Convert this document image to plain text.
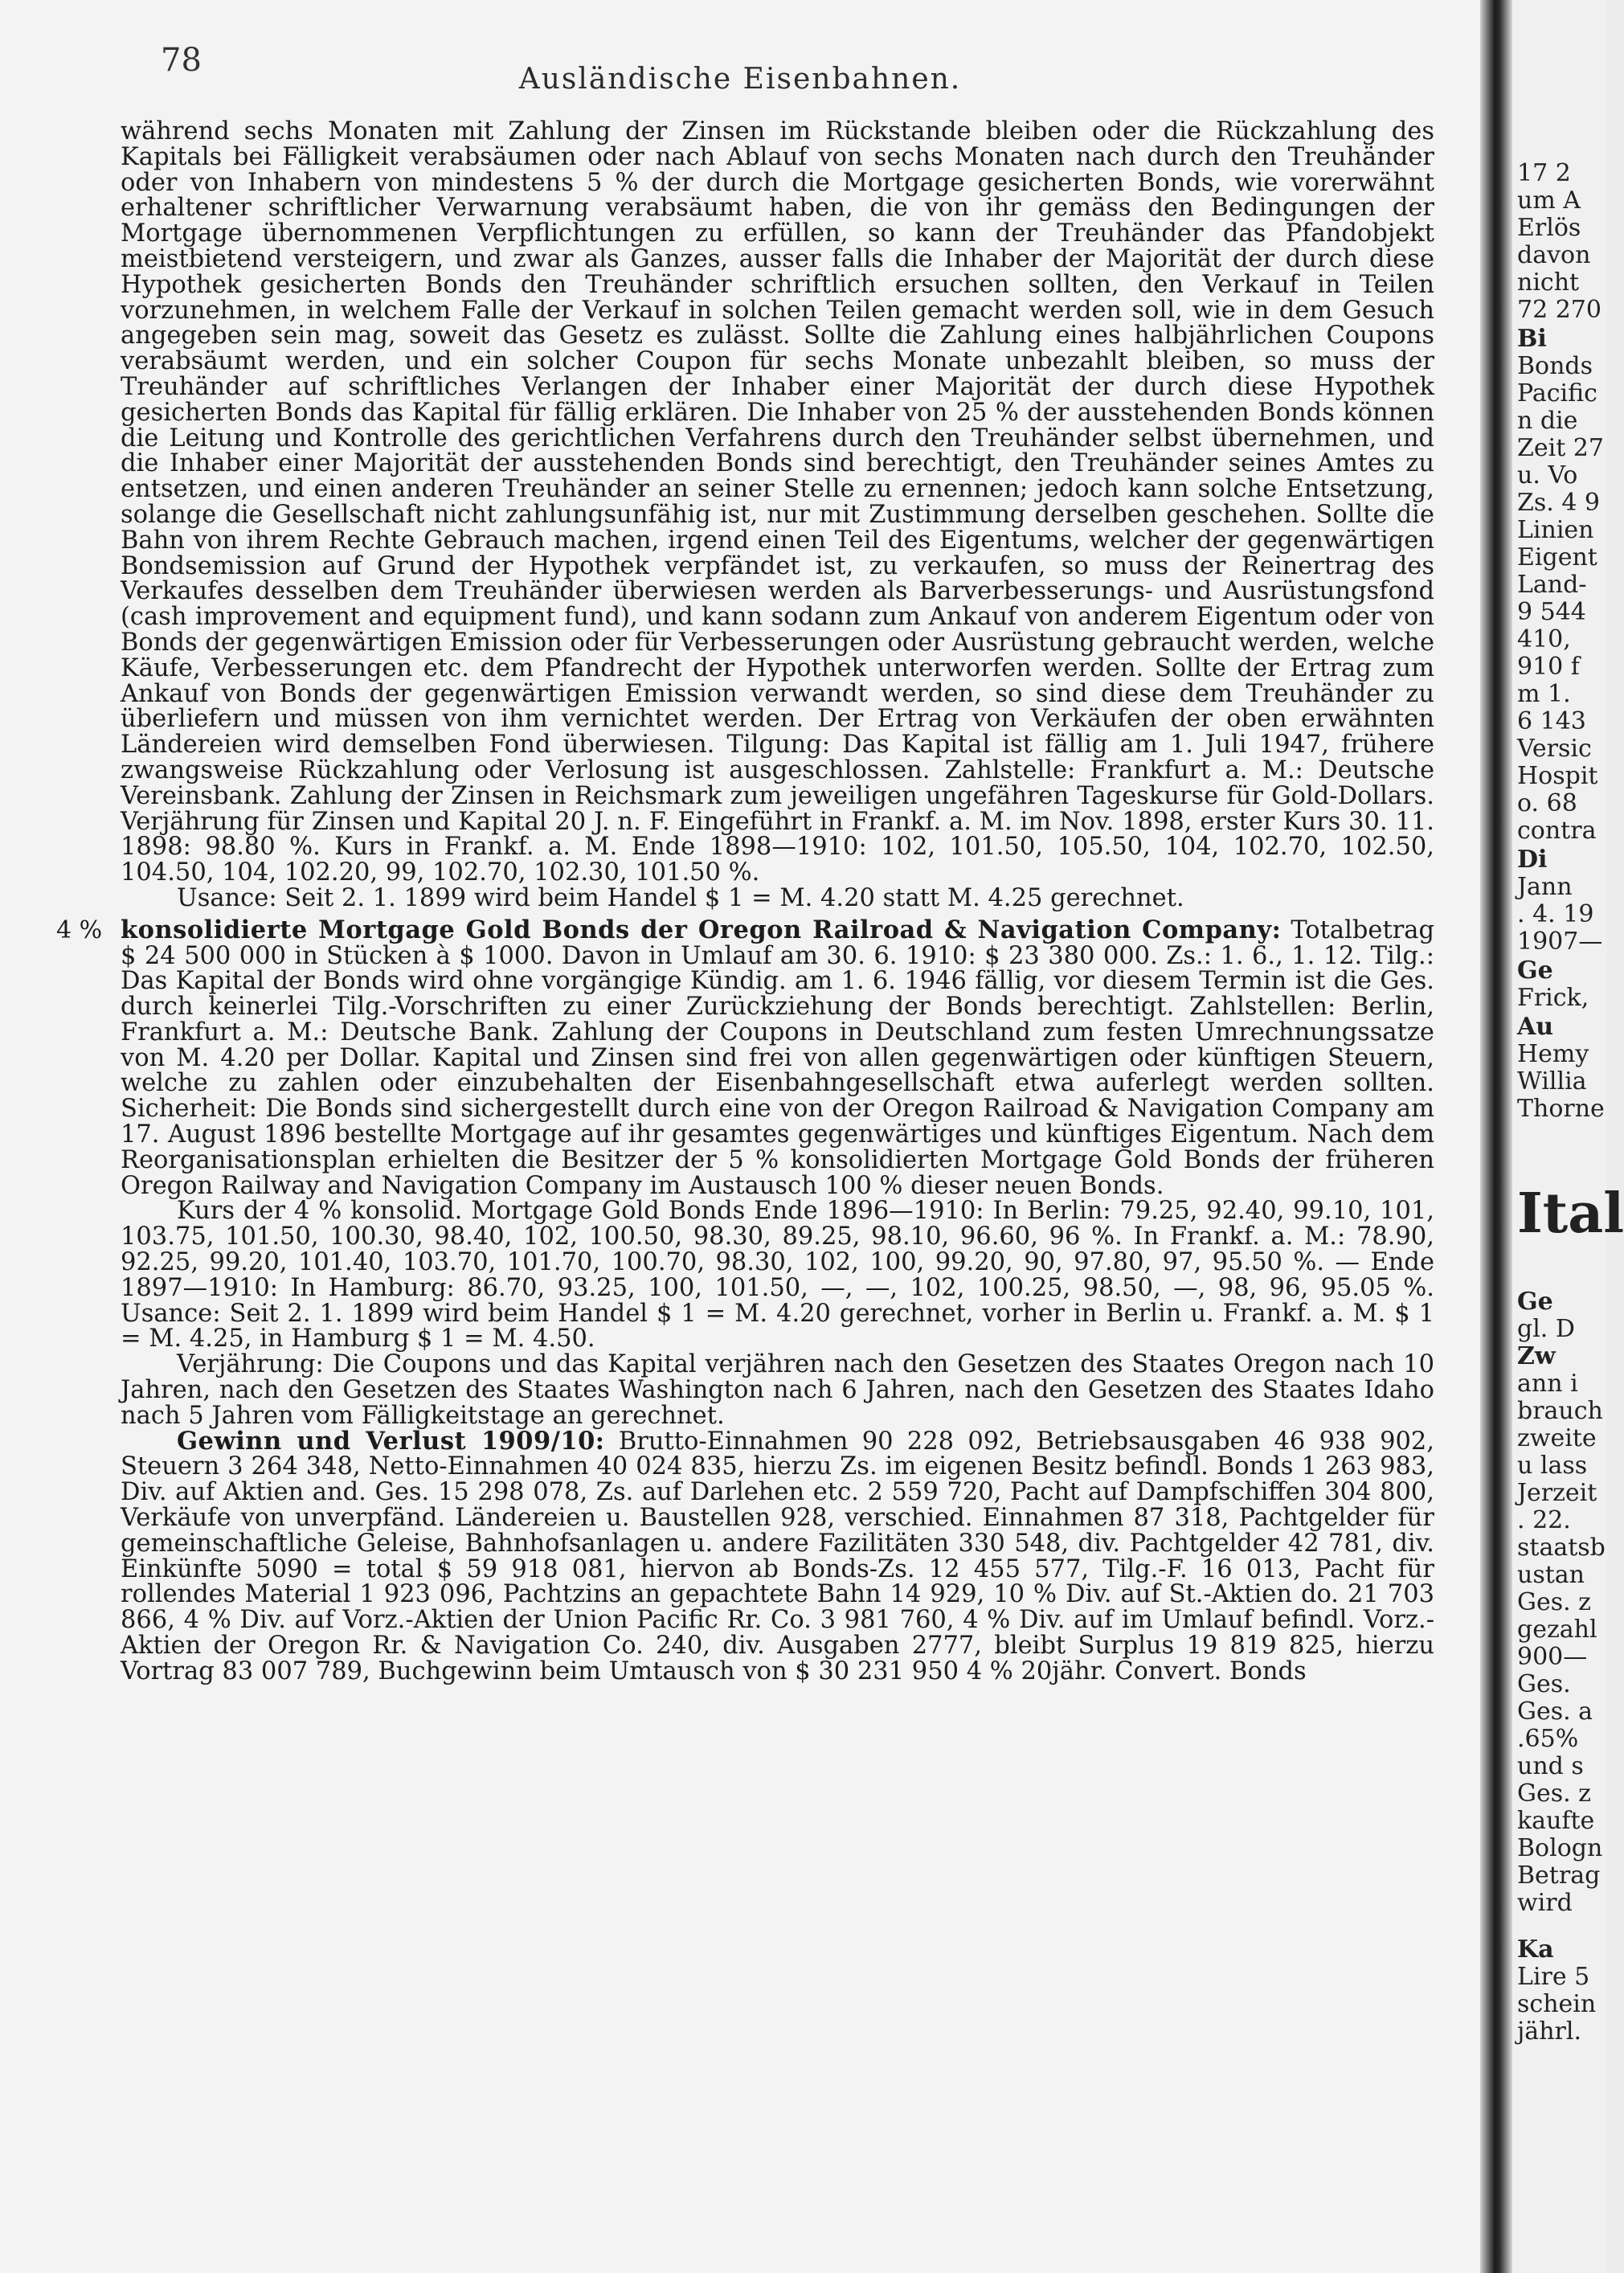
78
Ausländische Eisenbahnen.

während sechs Monaten mit Zahlung der Zinsen im Rückstande bleiben oder die Rückzahlung des Kapitals bei Fälligkeit verabsäumen oder nach Ablauf von sechs Monaten nach durch den Treuhänder oder von Inhabern von mindestens 5 % der durch die Mortgage gesicherten Bonds, wie vorerwähnt erhaltener schriftlicher Verwarnung verabsäumt haben, die von ihr gemäss den Bedingungen der Mortgage übernommenen Verpflichtungen zu erfüllen, so kann der Treuhänder das Pfandobjekt meistbietend versteigern, und zwar als Ganzes, ausser falls die Inhaber der Majorität der durch diese Hypothek gesicherten Bonds den Treuhänder schriftlich ersuchen sollten, den Verkauf in Teilen vorzunehmen, in welchem Falle der Verkauf in solchen Teilen gemacht werden soll, wie in dem Gesuch angegeben sein mag, soweit das Gesetz es zulässt. Sollte die Zahlung eines halbjährlichen Coupons verabsäumt werden, und ein solcher Coupon für sechs Monate unbezahlt bleiben, so muss der Treuhänder auf schriftliches Verlangen der Inhaber einer Majorität der durch diese Hypothek gesicherten Bonds das Kapital für fällig erklären. Die Inhaber von 25 % der ausstehenden Bonds können die Leitung und Kontrolle des gerichtlichen Verfahrens durch den Treuhänder selbst übernehmen, und die Inhaber einer Majorität der ausstehenden Bonds sind berechtigt, den Treuhänder seines Amtes zu entsetzen, und einen anderen Treuhänder an seiner Stelle zu ernennen; jedoch kann solche Entsetzung, solange die Gesellschaft nicht zahlungsunfähig ist, nur mit Zustimmung derselben geschehen. Sollte die Bahn von ihrem Rechte Gebrauch machen, irgend einen Teil des Eigentums, welcher der gegenwärtigen Bondsemission auf Grund der Hypothek verpfändet ist, zu verkaufen, so muss der Reinertrag des Verkaufes desselben dem Treuhänder überwiesen werden als Barverbesserungs- und Ausrüstungsfond (cash improvement and equipment fund), und kann sodann zum Ankauf von anderem Eigentum oder von Bonds der gegenwärtigen Emission oder für Verbesserungen oder Ausrüstung gebraucht werden, welche Käufe, Verbesserungen etc. dem Pfandrecht der Hypothek unterworfen werden. Sollte der Ertrag zum Ankauf von Bonds der gegenwärtigen Emission verwandt werden, so sind diese dem Treuhänder zu überliefern und müssen von ihm vernichtet werden. Der Ertrag von Verkäufen der oben erwähnten Ländereien wird demselben Fond überwiesen. Tilgung: Das Kapital ist fällig am 1. Juli 1947, frühere zwangsweise Rückzahlung oder Verlosung ist ausgeschlossen. Zahlstelle: Frankfurt a. M.: Deutsche Vereinsbank. Zahlung der Zinsen in Reichsmark zum jeweiligen ungefähren Tageskurse für Gold-Dollars. Verjährung für Zinsen und Kapital 20 J. n. F. Eingeführt in Frankf. a. M. im Nov. 1898, erster Kurs 30. 11. 1898: 98.80 %. Kurs in Frankf. a. M. Ende 1898—1910: 102, 101.50, 105.50, 104, 102.70, 102.50, 104.50, 104, 102.20, 99, 102.70, 102.30, 101.50 %.

Usance: Seit 2. 1. 1899 wird beim Handel $ 1 = M. 4.20 statt M. 4.25 gerechnet.

4 % konsolidierte Mortgage Gold Bonds der Oregon Railroad & Navigation Company: Totalbetrag $ 24 500 000 in Stücken à $ 1000. Davon in Umlauf am 30. 6. 1910: $ 23 380 000. Zs.: 1. 6., 1. 12. Tilg.: Das Kapital der Bonds wird ohne vorgängige Kündig. am 1. 6. 1946 fällig, vor diesem Termin ist die Ges. durch keinerlei Tilg.-Vorschriften zu einer Zurückziehung der Bonds berechtigt. Zahlstellen: Berlin, Frankfurt a. M.: Deutsche Bank. Zahlung der Coupons in Deutschland zum festen Umrechnungssatze von M. 4.20 per Dollar. Kapital und Zinsen sind frei von allen gegenwärtigen oder künftigen Steuern, welche zu zahlen oder einzubehalten der Eisenbahngesellschaft etwa auferlegt werden sollten. Sicherheit: Die Bonds sind sichergestellt durch eine von der Oregon Railroad & Navigation Company am 17. August 1896 bestellte Mortgage auf ihr gesamtes gegenwärtiges und künftiges Eigentum. Nach dem Reorganisationsplan erhielten die Besitzer der 5 % konsolidierten Mortgage Gold Bonds der früheren Oregon Railway and Navigation Company im Austausch 100 % dieser neuen Bonds.

Kurs der 4 % konsolid. Mortgage Gold Bonds Ende 1896—1910: In Berlin: 79.25, 92.40, 99.10, 101, 103.75, 101.50, 100.30, 98.40, 102, 100.50, 98.30, 89.25, 98.10, 96.60, 96 %. In Frankf. a. M.: 78.90, 92.25, 99.20, 101.40, 103.70, 101.70, 100.70, 98.30, 102, 100, 99.20, 90, 97.80, 97, 95.50 %. — Ende 1897—1910: In Hamburg: 86.70, 93.25, 100, 101.50, —, —, 102, 100.25, 98.50, —, 98, 96, 95.05 %. Usance: Seit 2. 1. 1899 wird beim Handel $ 1 = M. 4.20 gerechnet, vorher in Berlin u. Frankf. a. M. $ 1 = M. 4.25, in Hamburg $ 1 = M. 4.50.

Verjährung: Die Coupons und das Kapital verjähren nach den Gesetzen des Staates Oregon nach 10 Jahren, nach den Gesetzen des Staates Washington nach 6 Jahren, nach den Gesetzen des Staates Idaho nach 5 Jahren vom Fälligkeitstage an gerechnet.

Gewinn und Verlust 1909/10: Brutto-Einnahmen 90 228 092, Betriebsausgaben 46 938 902, Steuern 3 264 348, Netto-Einnahmen 40 024 835, hierzu Zs. im eigenen Besitz befindl. Bonds 1 263 983, Div. auf Aktien and. Ges. 15 298 078, Zs. auf Darlehen etc. 2 559 720, Pacht auf Dampfschiffen 304 800, Verkäufe von unverpfänd. Ländereien u. Baustellen 928, verschied. Einnahmen 87 318, Pachtgelder für gemeinschaftliche Geleise, Bahnhofsanlagen u. andere Fazilitäten 330 548, div. Pachtgelder 42 781, div. Einkünfte 5090 = total $ 59 918 081, hiervon ab Bonds-Zs. 12 455 577, Tilg.-F. 16 013, Pacht für rollendes Material 1 923 096, Pachtzins an gepachtete Bahn 14 929, 10 % Div. auf St.-Aktien do. 21 703 866, 4 % Div. auf Vorz.-Aktien der Union Pacific Rr. Co. 3 981 760, 4 % Div. auf im Umlauf befindl. Vorz.-Aktien der Oregon Rr. & Navigation Co. 240, div. Ausgaben 2777, bleibt Surplus 19 819 825, hierzu Vortrag 83 007 789, Buchgewinn beim Umtausch von $ 30 231 950 4 % 20jähr. Convert. Bonds

17 2
um A
Erlös
davon
nicht
72 270
Bi
Bonds
Pacific
n die
Zeit 27
u. Vo
Zs. 4 9
Linien
Eigent
Land-
9 544
410,
910 f
m 1.
6 143
Versic
Hospit
o. 68
contra
Di
Jann
. 4. 19
1907—
Ge
Frick,
Au
Hemy
Willia
Thorne
Ital
Ge
gl. D
Zw
ann i
brauch
zweite
u lass
Jerzeit
. 22.
staatsb
ustan
Ges. z
gezahl
900—
Ges.
Ges. a
.65%
und s
Ges. z
kaufte
Bologn
Betrag
wird
Ka
Lire 5
schein
jährl.
